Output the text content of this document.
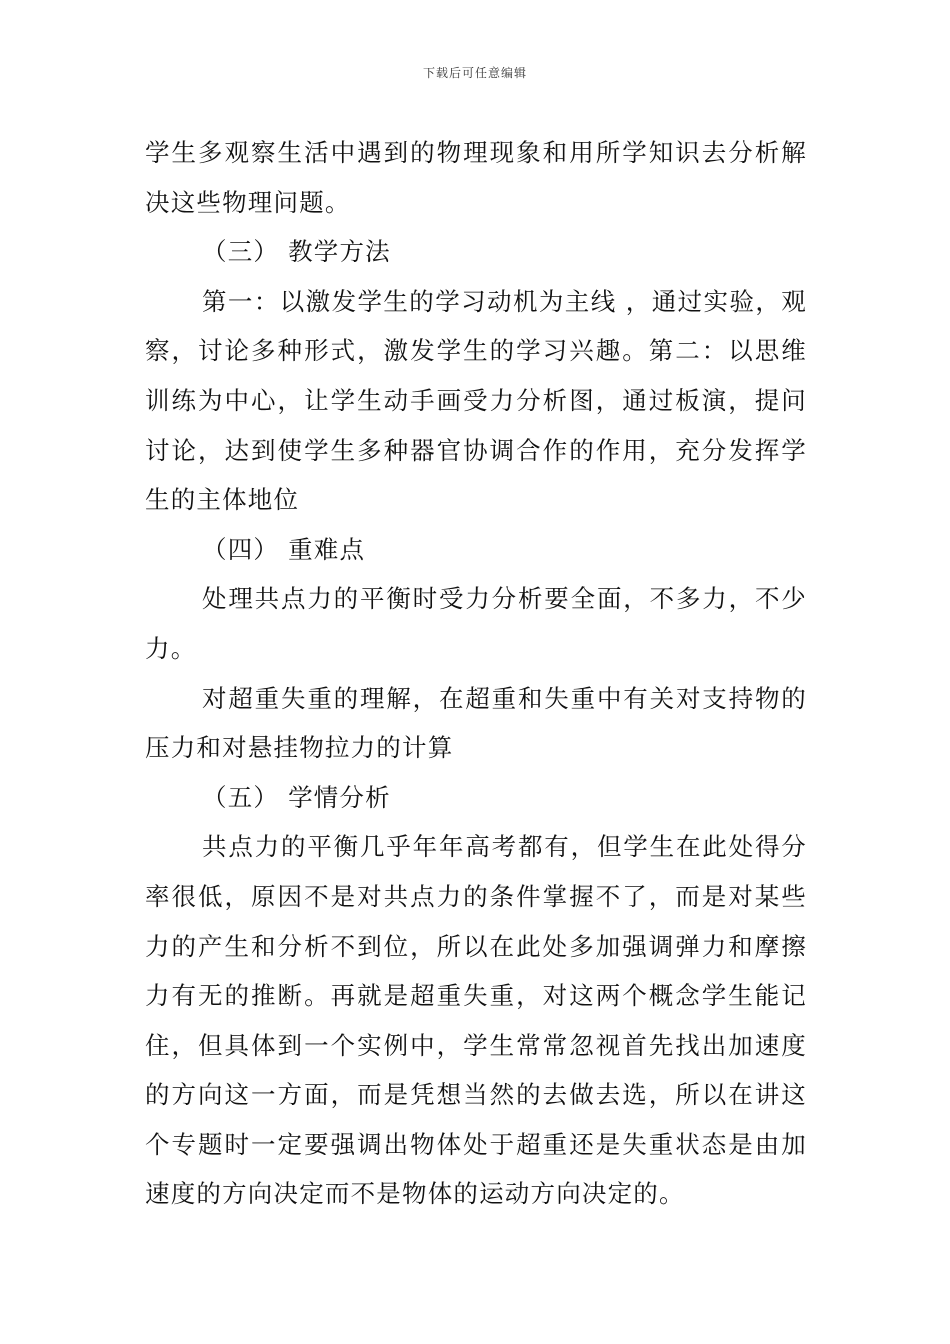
下载后可任意编辑

学生多观察生活中遇到的物理现象和用所学知识去分析解决这些物理问题。

（三） 教学方法

第一：以激发学生的学习动机为主线 ，通过实验，观察，讨论多种形式，激发学生的学习兴趣。第二：以思维训练为中心，让学生动手画受力分析图，通过板演，提问讨论，达到使学生多种器官协调合作的作用，充分发挥学生的主体地位

（四） 重难点

处理共点力的平衡时受力分析要全面，不多力，不少力。

对超重失重的理解，在超重和失重中有关对支持物的压力和对悬挂物拉力的计算

（五） 学情分析

共点力的平衡几乎年年高考都有，但学生在此处得分率很低，原因不是对共点力的条件掌握不了，而是对某些力的产生和分析不到位，所以在此处多加强调弹力和摩擦力有无的推断。再就是超重失重，对这两个概念学生能记住，但具体到一个实例中，学生常常忽视首先找出加速度的方向这一方面，而是凭想当然的去做去选，所以在讲这个专题时一定要强调出物体处于超重还是失重状态是由加速度的方向决定而不是物体的运动方向决定的。
